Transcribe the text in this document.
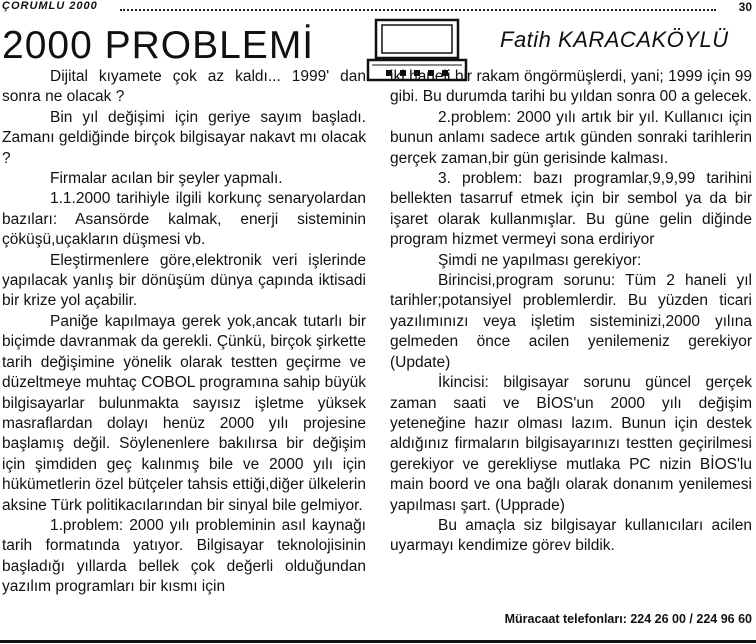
ÇORUMLU 2000	30
2000 PROBLEMİ	Fatih KARACAKÖYLÜ

Dijital kıyamete çok az kaldı... 1999' dan sonra ne olacak ?

Bin yıl değişimi için geriye sayım başladı. Zamanı geldiğinde birçok bilgisayar nakavt mı olacak ?

Firmalar acılan bir şeyler yapmalı.

1.1.2000 tarihiyle ilgili korkunç senaryolardan bazıları: Asansörde kalmak, enerji sisteminin çöküşü,uçakların düşmesi vb.

Eleştirmenlere göre,elektronik veri işlerinde yapılacak yanlış bir dönüşüm dünya çapında iktisadi bir krize yol açabilir.

Paniğe kapılmaya gerek yok,ancak tutarlı bir biçimde davranmak da gerekli. Çünkü, birçok şirkette tarih değişimine yönelik olarak testten geçirme ve düzeltmeye muhtaç COBOL programına sahip büyük bilgisayarlar bulunmakta sayısız işletme yüksek masraflardan dolayı henüz 2000 yılı projesine başlamış değil. Söylenenlere bakılırsa bir değişim için şimdiden geç kalınmış bile ve 2000 yılı için hükümetlerin özel bütçeler tahsis ettiği,diğer ülkelerin aksine Türk politikacılarından bir sinyal bile gelmiyor.

1.problem: 2000 yılı probleminin asıl kaynağı tarih formatında yatıyor. Bilgisayar teknolojisinin başladığı yıllarda bellek çok değerli olduğundan yazılım programları bir kısmı için

iki haneli bir rakam öngörmüşlerdi, yani; 1999 için 99 gibi. Bu durumda tarihi bu yıldan sonra 00 a gelecek.

2.problem: 2000 yılı artık bir yıl. Kullanıcı için bunun anlamı sadece artık günden sonraki tarihlerin gerçek zaman,bir gün gerisinde kalması.

3. problem: bazı programlar,9,9,99 tarihini bellekten tasarruf etmek için bir sembol ya da bir işaret olarak kullanmışlar. Bu güne gelin diğinde program hizmet vermeyi sona erdiriyor

Şimdi ne yapılması gerekiyor:

Birincisi,program sorunu: Tüm 2 haneli yıl tarihler;potansiyel problemlerdir. Bu yüzden ticari yazılımınızı veya işletim sisteminizi,2000 yılına gelmeden önce acilen yenilemeniz gerekiyor (Update)

İkincisi: bilgisayar sorunu güncel gerçek zaman saati ve BİOS'un 2000 yılı değişim yeteneğine hazır olması lazım. Bunun için destek aldığınız firmaların bilgisayarınızı testten geçirilmesi gerekiyor ve gerekliyse mutlaka PC nizin BİOS'lu main boord ve ona bağlı olarak donanım yenilemesi yapılması şart. (Upprade)

Bu amaçla siz bilgisayar kullanıcıları acilen uyarmayı kendimize görev bildik.

Müracaat telefonları: 224 26 00 / 224 96 60
